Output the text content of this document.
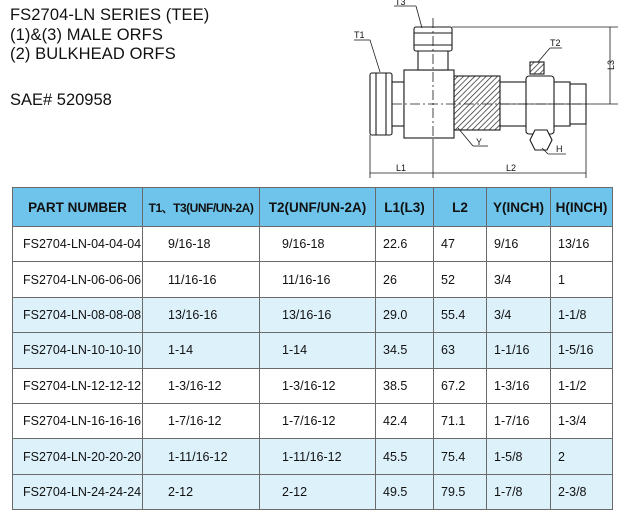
FS2704-LN SERIES (TEE)
(1)&(3) MALE ORFS
(2) BULKHEAD ORFS
SAE# 520958
T3
T1
T2
Y
H
L1	L2
L3
PART NUMBER	T1、T3(UNF/UN-2A)	T2(UNF/UN-2A)	L1(L3)	L2	Y(INCH)	H(INCH)
FS2704-LN-04-04-04	9/16-18	9/16-18	22.6	47	9/16	13/16
FS2704-LN-06-06-06	11/16-16	11/16-16	26	52	3/4	1
FS2704-LN-08-08-08	13/16-16	13/16-16	29.0	55.4	3/4	1-1/8
FS2704-LN-10-10-10	1-14	1-14	34.5	63	1-1/16	1-5/16
FS2704-LN-12-12-12	1-3/16-12	1-3/16-12	38.5	67.2	1-3/16	1-1/2
FS2704-LN-16-16-16	1-7/16-12	1-7/16-12	42.4	71.1	1-7/16	1-3/4
FS2704-LN-20-20-20	1-11/16-12	1-11/16-12	45.5	75.4	1-5/8	2
FS2704-LN-24-24-24	2-12	2-12	49.5	79.5	1-7/8	2-3/8
